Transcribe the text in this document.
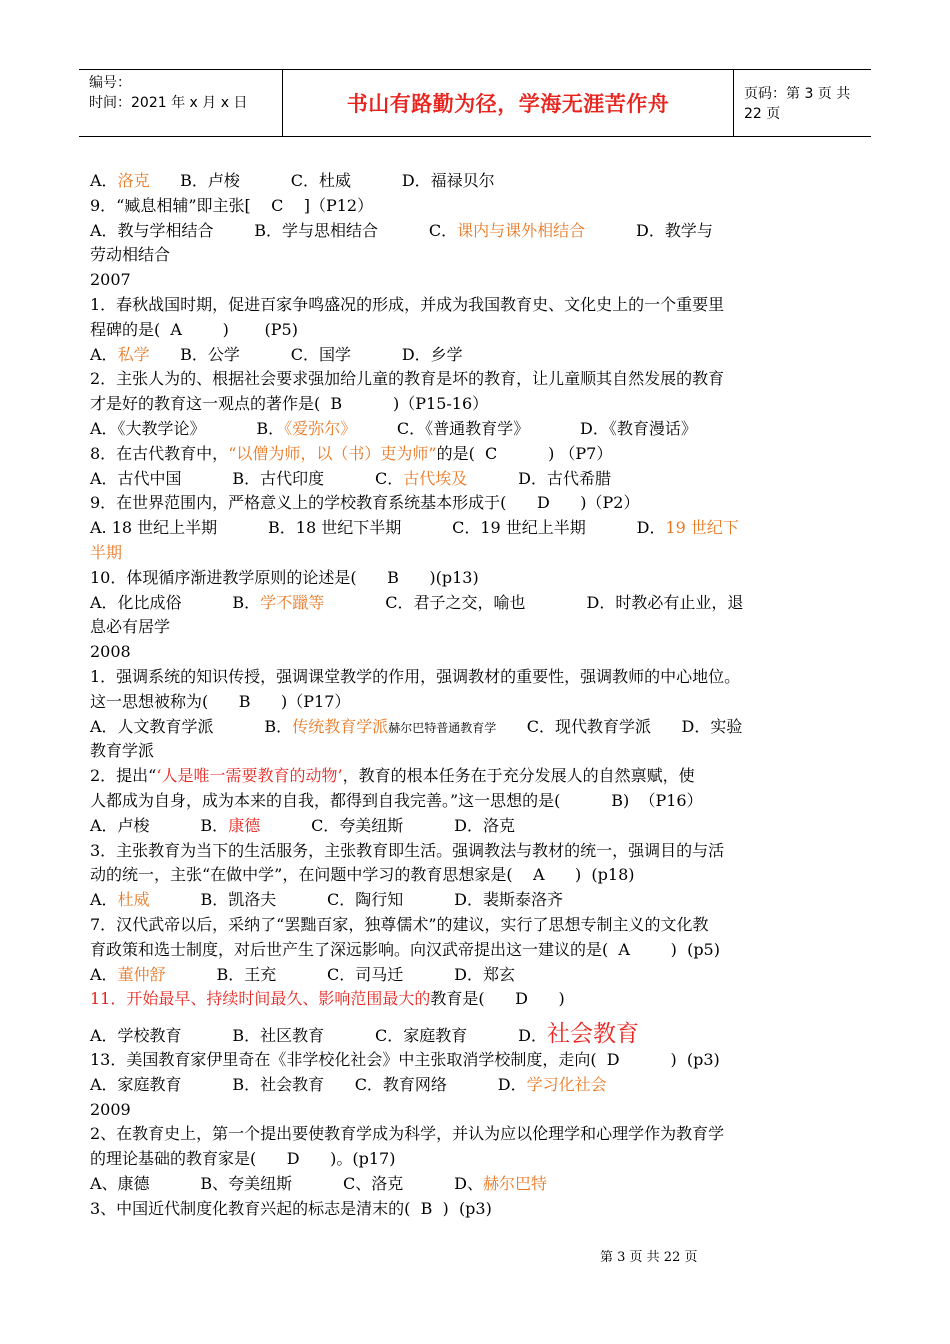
编号：
时间：2021 年 x 月 x 日	书山有路勤为径，学海无涯苦作舟	页码：第 3 页 共 22 页
A．洛克      B．卢梭          C．杜威          D．福禄贝尔
9．“臧息相辅”即主张[    C    ]（P12）
A．教与学相结合        B．学与思相结合          C．课内与课外相结合          D．教学与
劳动相结合
2007
1．春秋战国时期，促进百家争鸣盛况的形成，并成为我国教育史、文化史上的一个重要里
程碑的是(  A        )       (P5)
A．私学      B．公学          C．国学          D．乡学
2．主张人为的、根据社会要求强加给儿童的教育是坏的教育，让儿童顺其自然发展的教育
才是好的教育这一观点的著作是(  B          )（P15-16）
A．《大教学论》          B．《爱弥尔》        C．《普通教育学》          D．《教育漫话》
8．在古代教育中，“以僧为师，以（书）吏为师”的是(  C          ) （P7）
A．古代中国          B．古代印度          C．古代埃及          D．古代希腊
9．在世界范围内，严格意义上的学校教育系统基本形成于(      D      )（P2）
A. 18 世纪上半期          B．18 世纪下半期          C．19 世纪上半期          D．19 世纪下
半期
10．体现循序渐进教学原则的论述是(      B      )(p13)
A．化比成俗          B．学不躐等            C．君子之交，喻也            D．时教必有止业，退
息必有居学
2008
1．强调系统的知识传授，强调课堂教学的作用，强调教材的重要性，强调教师的中心地位。
这一思想被称为(      B      )（P17）
A．人文教育学派          B．传统教育学派赫尔巴特普通教育学      C．现代教育学派      D．实验
教育学派
2．提出“‘人是唯一需要教育的动物’，教育的根本任务在于充分发展人的自然禀赋，使
人都成为自身，成为本来的自我，都得到自我完善。”这一思想的是(          B)  （P16）
A．卢梭          B．康德          C．夸美纽斯          D．洛克
3．主张教育为当下的生活服务，主张教育即生活。强调教法与教材的统一，强调目的与活
动的统一，主张“在做中学”，在问题中学习的教育思想家是(    A      )  (p18)
A．杜威          B．凯洛夫          C．陶行知          D．裴斯泰洛齐
7．汉代武帝以后，采纳了“罢黜百家，独尊儒术”的建议，实行了思想专制主义的文化教
育政策和选士制度，对后世产生了深远影响。向汉武帝提出这一建议的是(  A        )  (p5)
A．董仲舒          B．王充          C．司马迁          D．郑玄
11．开始最早、持续时间最久、影响范围最大的教育是(      D      )
A．学校教育          B．社区教育          C．家庭教育          D．社会教育
13．美国教育家伊里奇在《非学校化社会》中主张取消学校制度，走向(  D          )  (p3)
A．家庭教育          B．社会教育      C．教育网络          D．学习化社会
2009
2、在教育史上，第一个提出要使教育学成为科学，并认为应以伦理学和心理学作为教育学
的理论基础的教育家是(      D      )。(p17)
A、康德          B、夸美纽斯          C、洛克          D、赫尔巴特
3、中国近代制度化教育兴起的标志是清末的(  B  )  (p3)
第 3 页 共 22 页
